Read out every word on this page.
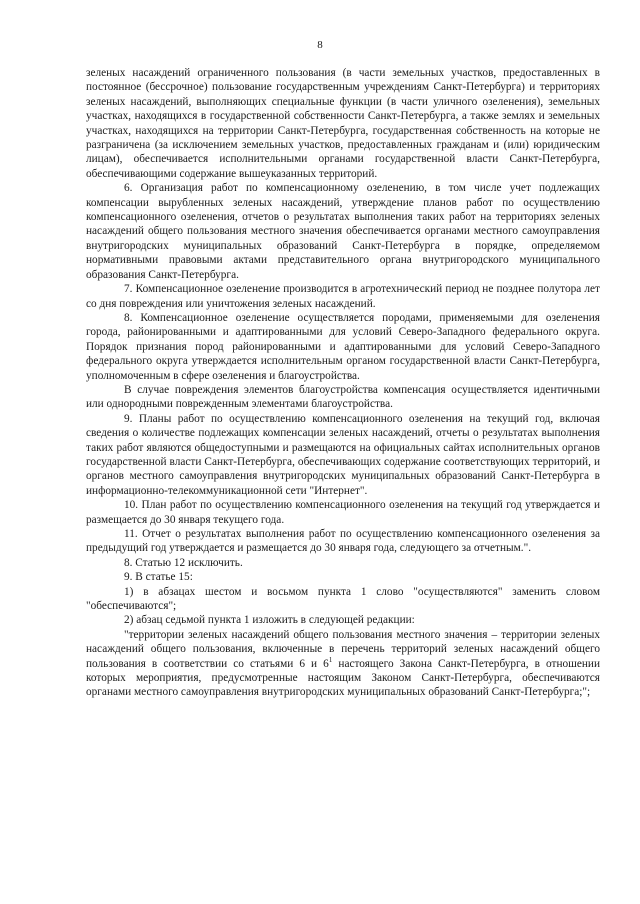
8

зеленых насаждений ограниченного пользования (в части земельных участков, предоставленных в постоянное (бессрочное) пользование государственным учреждениям Санкт-Петербурга) и территориях зеленых насаждений, выполняющих специальные функции (в части уличного озеленения), земельных участках, находящихся в государственной собственности Санкт-Петербурга, а также землях и земельных участках, находящихся на территории Санкт-Петербурга, государственная собственность на которые не разграничена (за исключением земельных участков, предоставленных гражданам и (или) юридическим лицам), обеспечивается исполнительными органами государственной власти Санкт-Петербурга, обеспечивающими содержание вышеуказанных территорий.

6. Организация работ по компенсационному озеленению, в том числе учет подлежащих компенсации вырубленных зеленых насаждений, утверждение планов работ по осуществлению компенсационного озеленения, отчетов о результатах выполнения таких работ на территориях зеленых насаждений общего пользования местного значения обеспечивается органами местного самоуправления внутригородских муниципальных образований Санкт-Петербурга в порядке, определяемом нормативными правовыми актами представительного органа внутригородского муниципального образования Санкт-Петербурга.

7. Компенсационное озеленение производится в агротехнический период не позднее полутора лет со дня повреждения или уничтожения зеленых насаждений.

8. Компенсационное озеленение осуществляется породами, применяемыми для озеленения города, районированными и адаптированными для условий Северо-Западного федерального округа. Порядок признания пород районированными и адаптированными для условий Северо-Западного федерального округа утверждается исполнительным органом государственной власти Санкт-Петербурга, уполномоченным в сфере озеленения и благоустройства.

В случае повреждения элементов благоустройства компенсация осуществляется идентичными или однородными поврежденным элементами благоустройства.

9. Планы работ по осуществлению компенсационного озеленения на текущий год, включая сведения о количестве подлежащих компенсации зеленых насаждений, отчеты о результатах выполнения таких работ являются общедоступными и размещаются на официальных сайтах исполнительных органов государственной власти Санкт-Петербурга, обеспечивающих содержание соответствующих территорий, и органов местного самоуправления внутригородских муниципальных образований Санкт-Петербурга в информационно-телекоммуникационной сети "Интернет".

10. План работ по осуществлению компенсационного озеленения на текущий год утверждается и размещается до 30 января текущего года.

11. Отчет о результатах выполнения работ по осуществлению компенсационного озеленения за предыдущий год утверждается и размещается до 30 января года, следующего за отчетным.".

8. Статью 12 исключить.

9. В статье 15:

1) в абзацах шестом и восьмом пункта 1 слово "осуществляются" заменить словом "обеспечиваются";

2) абзац седьмой пункта 1 изложить в следующей редакции:

"территории зеленых насаждений общего пользования местного значения – территории зеленых насаждений общего пользования, включенные в перечень территорий зеленых насаждений общего пользования в соответствии со статьями 6 и $6^1$ настоящего Закона Санкт-Петербурга, в отношении которых мероприятия, предусмотренные настоящим Законом Санкт-Петербурга, обеспечиваются органами местного самоуправления внутригородских муниципальных образований Санкт-Петербурга;";
